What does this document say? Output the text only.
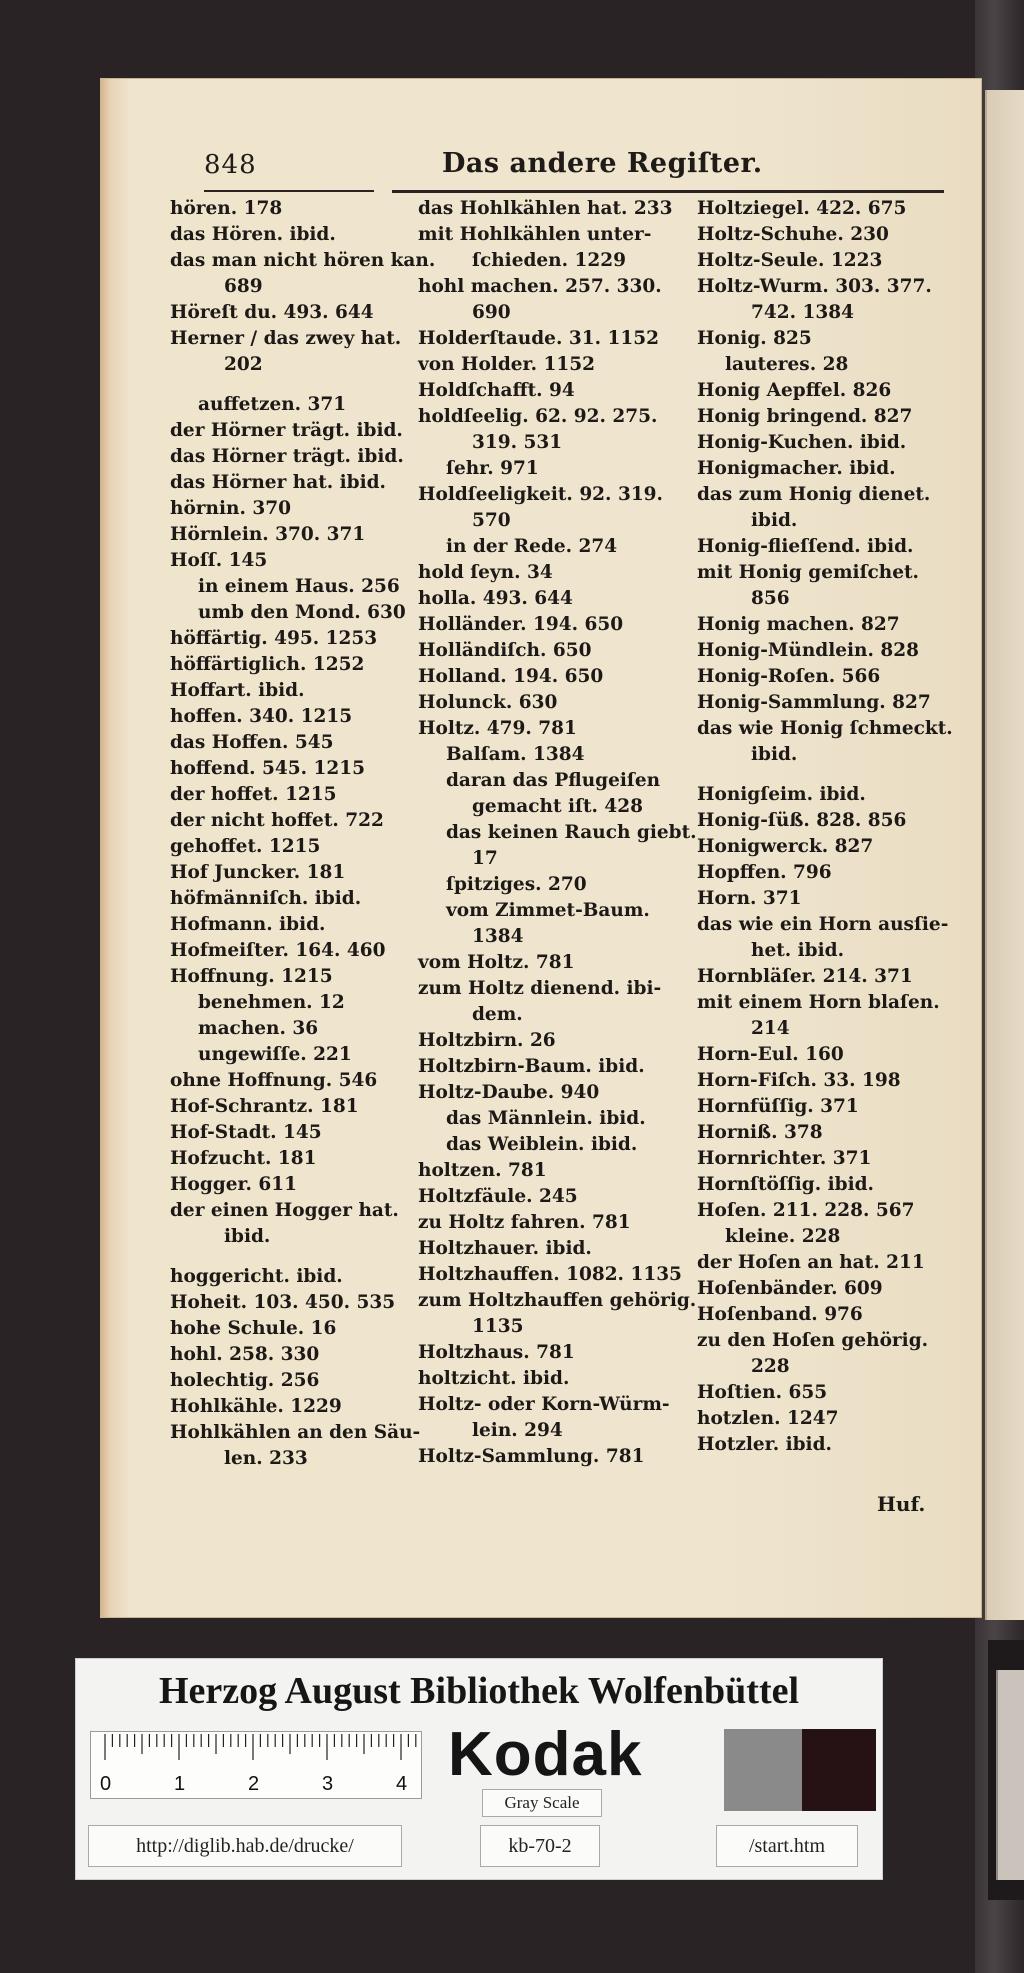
848	Das andere Regiſter.
hören. 178
das Hören. ibid.
das man nicht hören kan.
689
Höreſt du. 493. 644
Herner / das zwey hat.
202
auffetzen. 371
der Hörner trägt. ibid.
das Hörner trägt. ibid.
das Hörner hat. ibid.
hörnin. 370
Hörnlein. 370. 371
Hoſſ. 145
in einem Haus. 256
umb den Mond. 630
höffärtig. 495. 1253
höffärtiglich. 1252
Hoffart. ibid.
hoffen. 340. 1215
das Hoffen. 545
hoffend. 545. 1215
der hoffet. 1215
der nicht hoffet. 722
gehoffet. 1215
Hof Juncker. 181
höfmänniſch. ibid.
Hofmann. ibid.
Hofmeiſter. 164. 460
Hoffnung. 1215
benehmen. 12
machen. 36
ungewiſſe. 221
ohne Hoffnung. 546
Hof-Schrantz. 181
Hof-Stadt. 145
Hofzucht. 181
Hogger. 611
der einen Hogger hat.
ibid.
hoggericht. ibid.
Hoheit. 103. 450. 535
hohe Schule. 16
hohl. 258. 330
holechtig. 256
Hohlkähle. 1229
Hohlkählen an den Säu-
len. 233
das Hohlkählen hat. 233
mit Hohlkählen unter-
ſchieden. 1229
hohl machen. 257. 330.
690
Holderſtaude. 31. 1152
von Holder. 1152
Holdſchafft. 94
holdſeelig. 62. 92. 275.
319. 531
ſehr. 971
Holdſeeligkeit. 92. 319.
570
in der Rede. 274
hold ſeyn. 34
holla. 493. 644
Holländer. 194. 650
Holländiſch. 650
Holland. 194. 650
Holunck. 630
Holtz. 479. 781
Balſam. 1384
daran das Pflugeiſen
gemacht iſt. 428
das keinen Rauch giebt.
17
ſpitziges. 270
vom Zimmet-Baum.
1384
vom Holtz. 781
zum Holtz dienend. ibi-
dem.
Holtzbirn. 26
Holtzbirn-Baum. ibid.
Holtz-Daube. 940
das Männlein. ibid.
das Weiblein. ibid.
holtzen. 781
Holtzfäule. 245
zu Holtz fahren. 781
Holtzhauer. ibid.
Holtzhauffen. 1082. 1135
zum Holtzhauffen gehörig.
1135
Holtzhaus. 781
holtzicht. ibid.
Holtz- oder Korn-Würm-
lein. 294
Holtz-Sammlung. 781
Holtziegel. 422. 675
Holtz-Schuhe. 230
Holtz-Seule. 1223
Holtz-Wurm. 303. 377.
742. 1384
Honig. 825
lauteres. 28
Honig Aepffel. 826
Honig bringend. 827
Honig-Kuchen. ibid.
Honigmacher. ibid.
das zum Honig dienet.
ibid.
Honig-flieſſend. ibid.
mit Honig gemiſchet.
856
Honig machen. 827
Honig-Mündlein. 828
Honig-Roſen. 566
Honig-Sammlung. 827
das wie Honig ſchmeckt.
ibid.
Honigſeim. ibid.
Honig-ſüß. 828. 856
Honigwerck. 827
Hopffen. 796
Horn. 371
das wie ein Horn ausſie-
het. ibid.
Hornbläſer. 214. 371
mit einem Horn blaſen.
214
Horn-Eul. 160
Horn-Fiſch. 33. 198
Hornfüſſig. 371
Horniß. 378
Hornrichter. 371
Hornſtöſſig. ibid.
Hoſen. 211. 228. 567
kleine. 228
der Hoſen an hat. 211
Hoſenbänder. 609
Hoſenband. 976
zu den Hoſen gehörig.
228
Hoſtien. 655
hotzlen. 1247
Hotzler. ibid.
Huf.
Herzog August Bibliothek Wolfenbüttel
0	1	2	3	4 Kodak
Gray Scale
http://diglib.hab.de/drucke/	kb-70-2	/start.htm
